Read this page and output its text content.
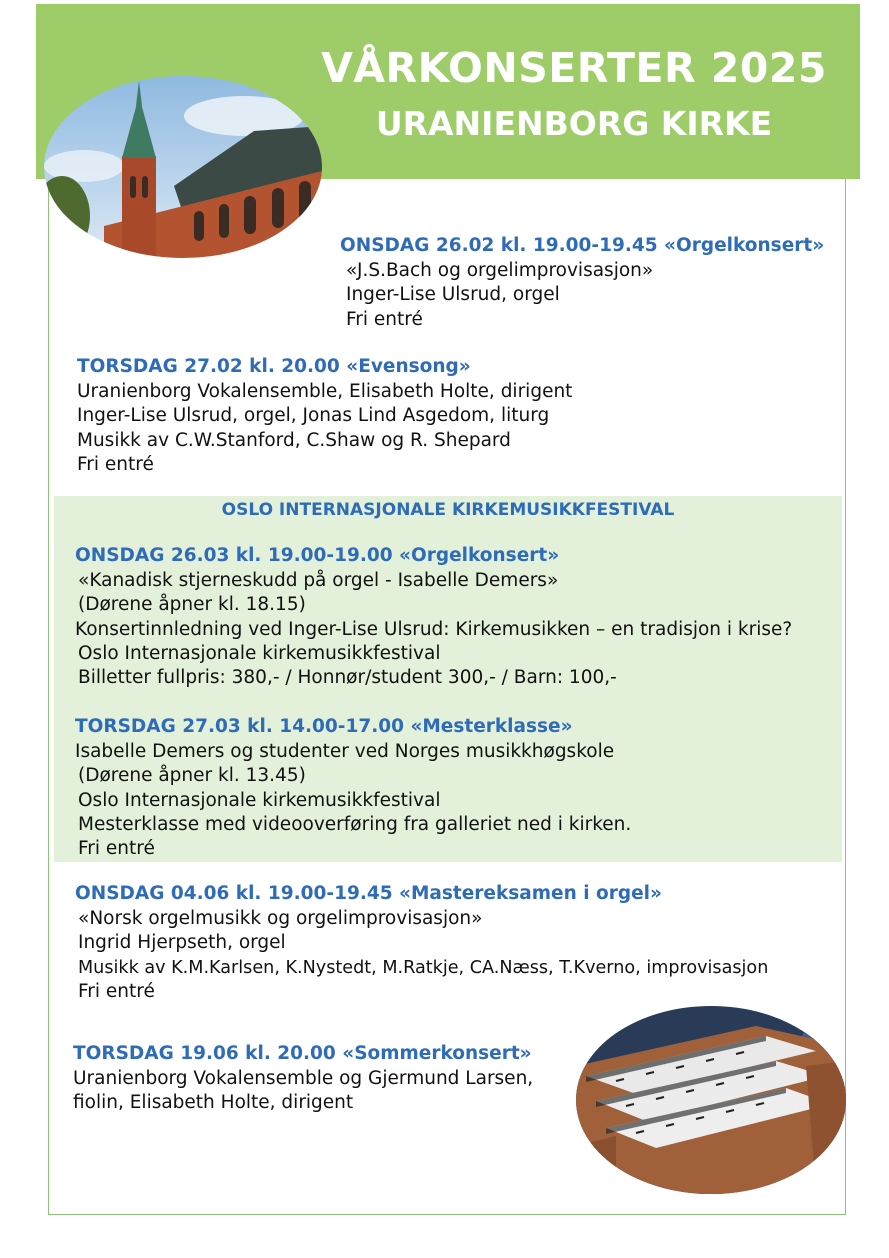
VÅRKONSERTER 2025
URANIENBORG KIRKE
ONSDAG 26.02 kl. 19.00-19.45 «Orgelkonsert»
«J.S.Bach og orgelimprovisasjon»
Inger-Lise Ulsrud, orgel
Fri entré
TORSDAG 27.02 kl. 20.00 «Evensong»
Uranienborg Vokalensemble, Elisabeth Holte, dirigent
Inger-Lise Ulsrud, orgel, Jonas Lind Asgedom, liturg
Musikk av C.W.Stanford, C.Shaw og R. Shepard
Fri entré
OSLO INTERNASJONALE KIRKEMUSIKKFESTIVAL
ONSDAG 26.03 kl. 19.00-19.00 «Orgelkonsert»
«Kanadisk stjerneskudd på orgel - Isabelle Demers»
(Dørene åpner kl. 18.15)
Konsertinnledning ved Inger-Lise Ulsrud: Kirkemusikken – en tradisjon i krise?
Oslo Internasjonale kirkemusikkfestival
Billetter fullpris: 380,- / Honnør/student 300,- / Barn: 100,-
TORSDAG 27.03 kl. 14.00-17.00 «Mesterklasse»
Isabelle Demers og studenter ved Norges musikkhøgskole
(Dørene åpner kl. 13.45)
Oslo Internasjonale kirkemusikkfestival
Mesterklasse med videooverføring fra galleriet ned i kirken.
Fri entré
ONSDAG 04.06 kl. 19.00-19.45 «Mastereksamen i orgel»
«Norsk orgelmusikk og orgelimprovisasjon»
Ingrid Hjerpseth, orgel
Musikk av K.M.Karlsen, K.Nystedt, M.Ratkje, CA.Næss, T.Kverno, improvisasjon
Fri entré
TORSDAG 19.06 kl. 20.00 «Sommerkonsert»
Uranienborg Vokalensemble og Gjermund Larsen,
fiolin, Elisabeth Holte, dirigent
